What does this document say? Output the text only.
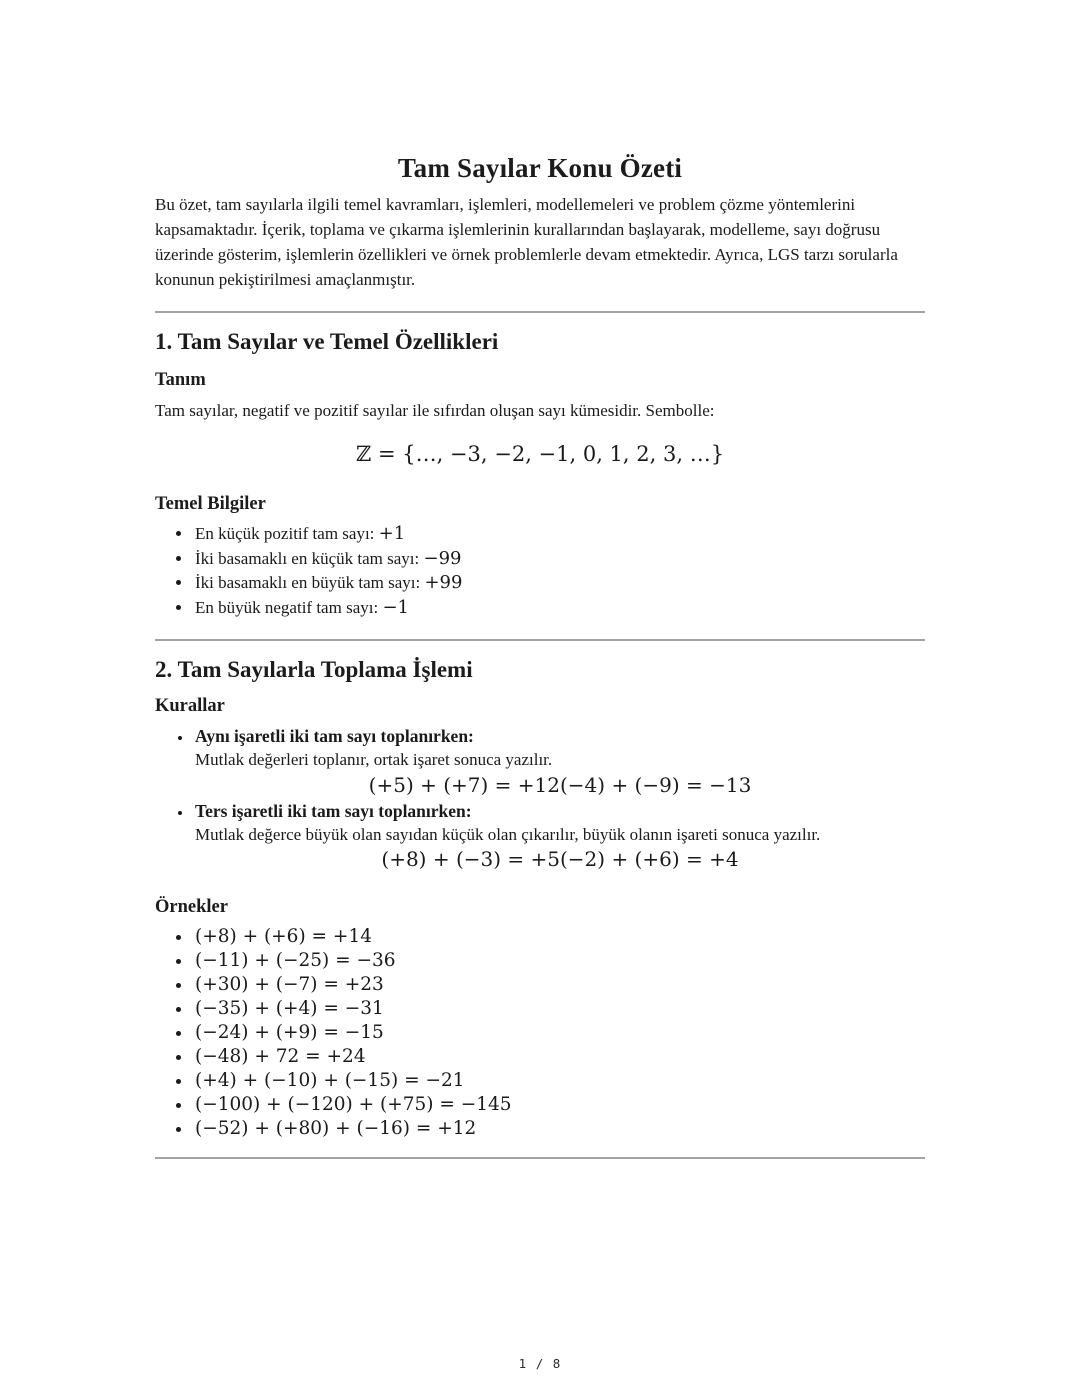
Tam Sayılar Konu Özeti

Bu özet, tam sayılarla ilgili temel kavramları, işlemleri, modellemeleri ve problem çözme yöntemlerini kapsamaktadır. İçerik, toplama ve çıkarma işlemlerinin kurallarından başlayarak, modelleme, sayı doğrusu üzerinde gösterim, işlemlerin özellikleri ve örnek problemlerle devam etmektedir. Ayrıca, LGS tarzı sorularla konunun pekiştirilmesi amaçlanmıştır.

1. Tam Sayılar ve Temel Özellikleri
Tanım

Tam sayılar, negatif ve pozitif sayılar ile sıfırdan oluşan sayı kümesidir. Sembolle:

ℤ = {…, −3, −2, −1, 0, 1, 2, 3, …}
Temel Bilgiler
• En küçük pozitif tam sayı: +1
• İki basamaklı en küçük tam sayı: −99
• İki basamaklı en büyük tam sayı: +99
• En büyük negatif tam sayı: −1
2. Tam Sayılarla Toplama İşlemi
Kurallar
• Aynı işaretli iki tam sayı toplanırken:
Mutlak değerleri toplanır, ortak işaret sonuca yazılır.
(+5) + (+7) = +12(−4) + (−9) = −13
• Ters işaretli iki tam sayı toplanırken:
Mutlak değerce büyük olan sayıdan küçük olan çıkarılır, büyük olanın işareti sonuca yazılır.
(+8) + (−3) = +5(−2) + (+6) = +4
Örnekler
• (+8) + (+6) = +14
• (−11) + (−25) = −36
• (+30) + (−7) = +23
• (−35) + (+4) = −31
• (−24) + (+9) = −15
• (−48) + 72 = +24
• (+4) + (−10) + (−15) = −21
• (−100) + (−120) + (+75) = −145
• (−52) + (+80) + (−16) = +12
1 / 8
